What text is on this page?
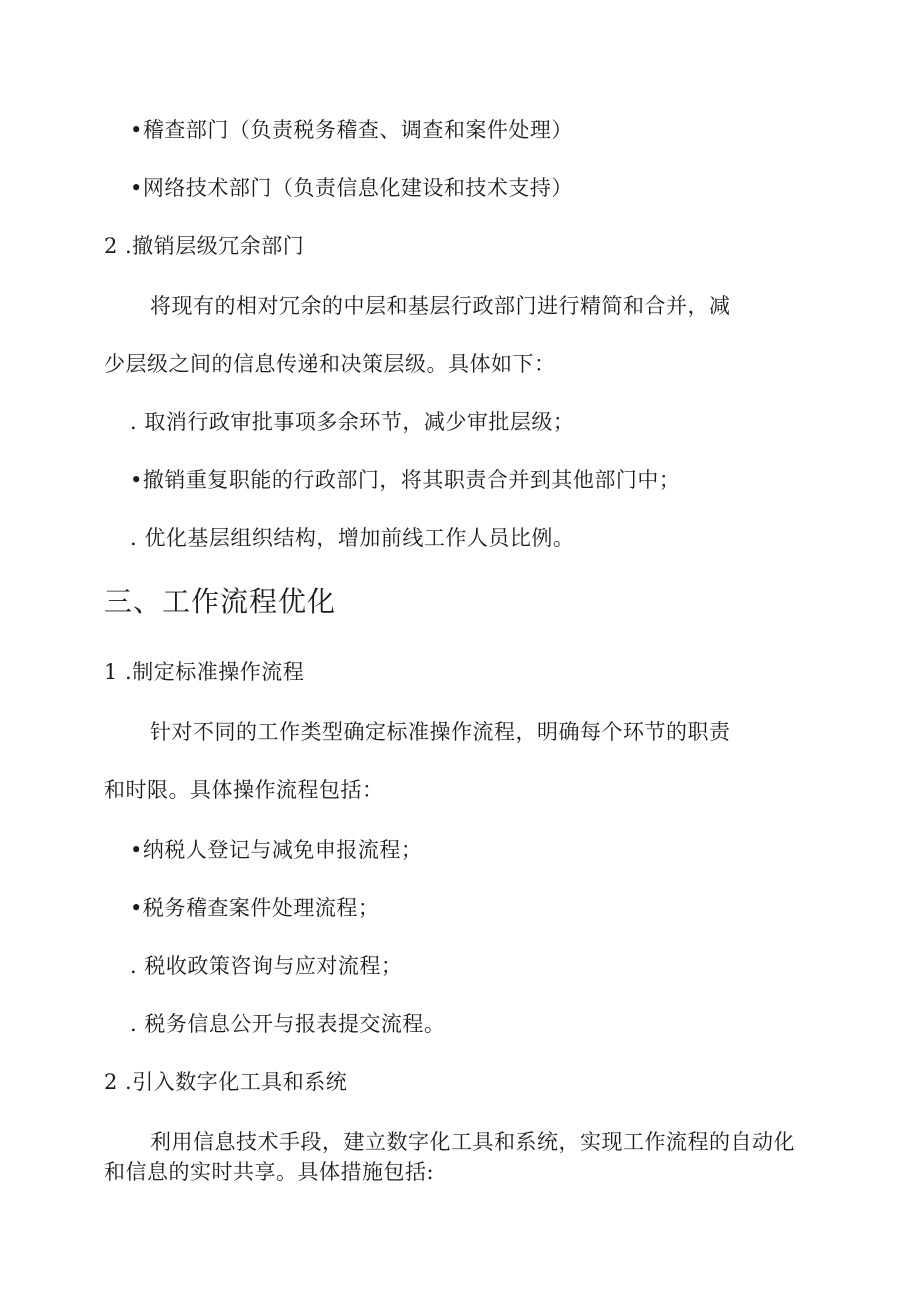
•稽查部门（负责税务稽查、调查和案件处理）
•网络技术部门（负责信息化建设和技术支持）
2 .撤销层级冗余部门
将现有的相对冗余的中层和基层行政部门进行精简和合并，减
少层级之间的信息传递和决策层级。具体如下：
. 取消行政审批事项多余环节，减少审批层级；
•撤销重复职能的行政部门，将其职责合并到其他部门中；
. 优化基层组织结构，增加前线工作人员比例。
三、工作流程优化
1 .制定标准操作流程
针对不同的工作类型确定标准操作流程，明确每个环节的职责
和时限。具体操作流程包括：
•纳税人登记与减免申报流程；
•税务稽查案件处理流程；
. 税收政策咨询与应对流程；
. 税务信息公开与报表提交流程。
2 .引入数字化工具和系统
利用信息技术手段，建立数字化工具和系统，实现工作流程的自动化
和信息的实时共享。具体措施包括:
